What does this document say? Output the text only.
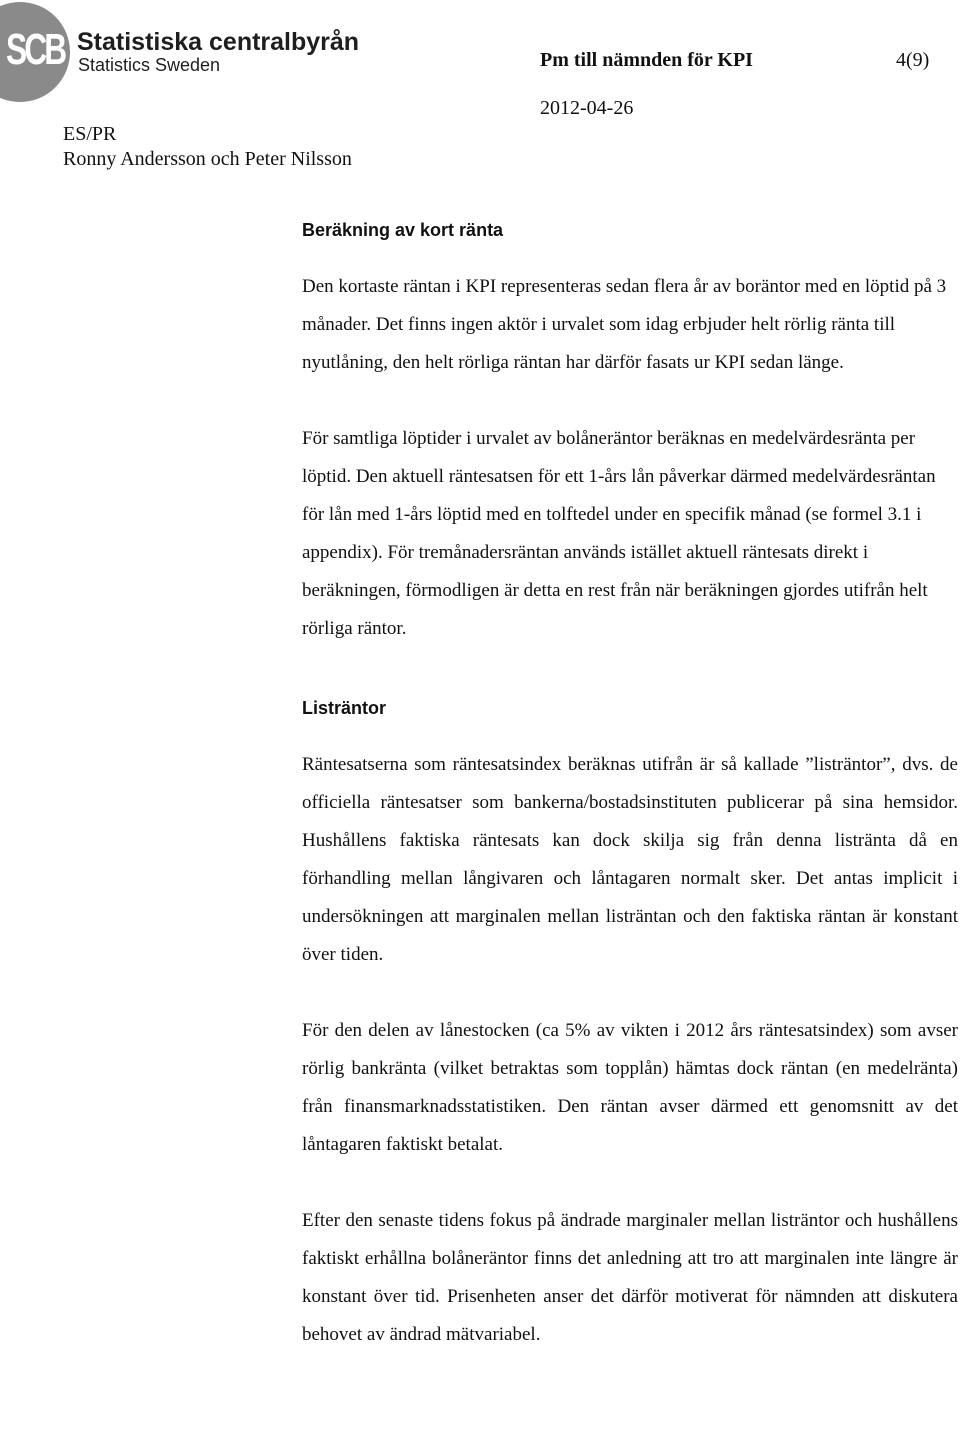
SCB Statistiska centralbyrån
Statistics Sweden	Pm till nämnden för KPI	4(9)
2012-04-26
ES/PR
Ronny Andersson och Peter Nilsson
Beräkning av kort ränta

Den kortaste räntan i KPI representeras sedan flera år av boräntor med en löptid på 3 månader. Det finns ingen aktör i urvalet som idag erbjuder helt rörlig ränta till nyutlåning, den helt rörliga räntan har därför fasats ur KPI sedan länge.

För samtliga löptider i urvalet av bolåneräntor beräknas en medelvärdesränta per löptid. Den aktuell räntesatsen för ett 1-års lån påverkar därmed medelvärdesräntan för lån med 1-års löptid med en tolftedel under en specifik månad (se formel 3.1 i appendix). För tremånadersräntan används istället aktuell räntesats direkt i beräkningen, förmodligen är detta en rest från när beräkningen gjordes utifrån helt rörliga räntor.

Listräntor

Räntesatserna som räntesatsindex beräknas utifrån är så kallade ”listräntor”, dvs. de officiella räntesatser som bankerna/bostadsinstituten publicerar på sina hemsidor. Hushållens faktiska räntesats kan dock skilja sig från denna listränta då en förhandling mellan långivaren och låntagaren normalt sker. Det antas implicit i undersökningen att marginalen mellan listräntan och den faktiska räntan är konstant över tiden.

För den delen av lånestocken (ca 5% av vikten i 2012 års räntesatsindex) som avser rörlig bankränta (vilket betraktas som topplån) hämtas dock räntan (en medelränta) från finansmarknadsstatistiken. Den räntan avser därmed ett genomsnitt av det låntagaren faktiskt betalat.

Efter den senaste tidens fokus på ändrade marginaler mellan listräntor och hushållens faktiskt erhållna bolåneräntor finns det anledning att tro att marginalen inte längre är konstant över tid. Prisenheten anser det därför motiverat för nämnden att diskutera behovet av ändrad mätvariabel.
